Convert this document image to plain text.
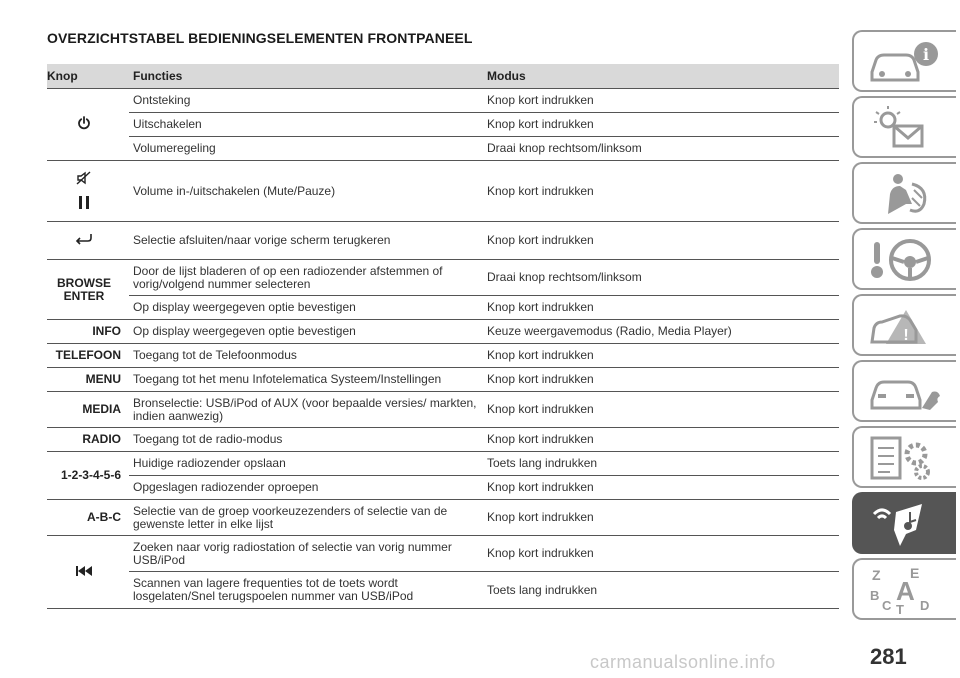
OVERZICHTSTABEL BEDIENINGSELEMENTEN FRONTPANEEL
Knop	Functies	Modus

	Ontsteking	Knop kort indrukken
	Uitschakelen	Knop kort indrukken
	Volumeregeling	Draai knop rechtsom/linksom

	Volume in-/uitschakelen (Mute/Pauze)	Knop kort indrukken

	Selectie afsluiten/naar vorige scherm terugkeren	Knop kort indrukken
BROWSE ENTER	Door de lijst bladeren of op een radiozender afstemmen of vorig/volgend nummer selecteren	Draai knop rechtsom/linksom
	Op display weergegeven optie bevestigen	Knop kort indrukken
INFO	Op display weergegeven optie bevestigen	Keuze weergavemodus (Radio, Media Player)
TELEFOON	Toegang tot de Telefoonmodus	Knop kort indrukken
MENU	Toegang tot het menu Infotelematica Systeem/Instellingen	Knop kort indrukken
MEDIA	Bronselectie: USB/iPod of AUX (voor bepaalde versies/ markten, indien aanwezig)	Knop kort indrukken
RADIO	Toegang tot de radio-modus	Knop kort indrukken
1-2-3-4-5-6	Huidige radiozender opslaan	Toets lang indrukken
	Opgeslagen radiozender oproepen	Knop kort indrukken
A-B-C	Selectie van de groep voorkeuzezenders of selectie van de gewenste letter in elke lijst	Knop kort indrukken

	Zoeken naar vorig radiostation of selectie van vorig nummer USB/iPod	Knop kort indrukken
	Scannen van lagere frequenties tot de toets wordt losgelaten/Snel terugspoelen nummer van USB/iPod	Toets lang indrukken
i
!
Z E
B A
C D
T
carmanualsonline.info	281
